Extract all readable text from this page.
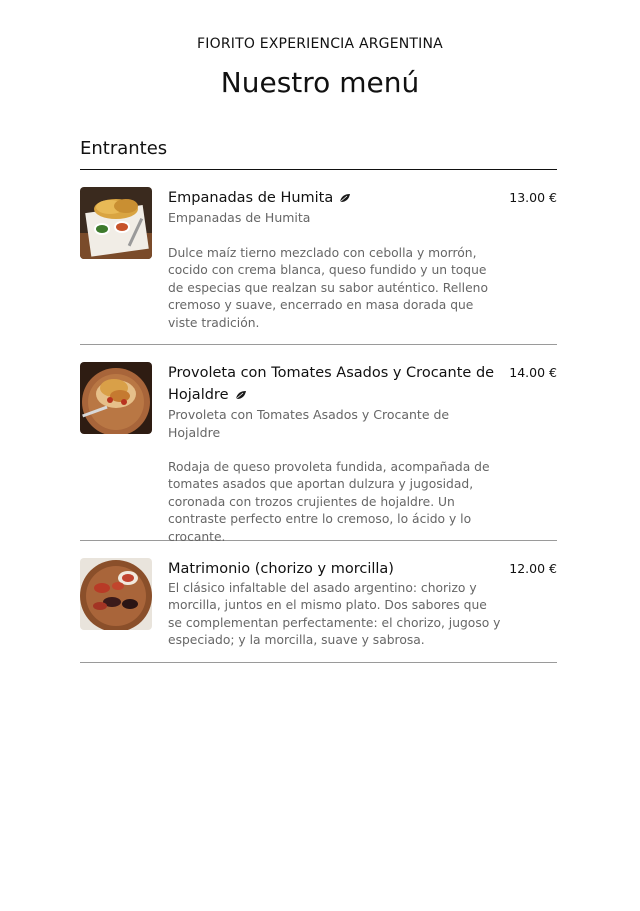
FIORITO EXPERIENCIA ARGENTINA
Nuestro menú
Entrantes
Empanadas de Humita
Empanadas de Humita
Dulce maíz tierno mezclado con cebolla y morrón, cocido con crema blanca, queso fundido y un toque de especias que realzan su sabor auténtico. Relleno cremoso y suave, encerrado en masa dorada que viste tradición.
13.00 €
Provoleta con Tomates Asados y Crocante de Hojaldre
Provoleta con Tomates Asados y Crocante de Hojaldre
Rodaja de queso provoleta fundida, acompañada de tomates asados que aportan dulzura y jugosidad, coronada con trozos crujientes de hojaldre. Un contraste perfecto entre lo cremoso, lo ácido y lo crocante.
14.00 €
Matrimonio (chorizo y morcilla)
El clásico infaltable del asado argentino: chorizo y morcilla, juntos en el mismo plato. Dos sabores que se complementan perfectamente: el chorizo, jugoso y especiado; y la morcilla, suave y sabrosa.
12.00 €
